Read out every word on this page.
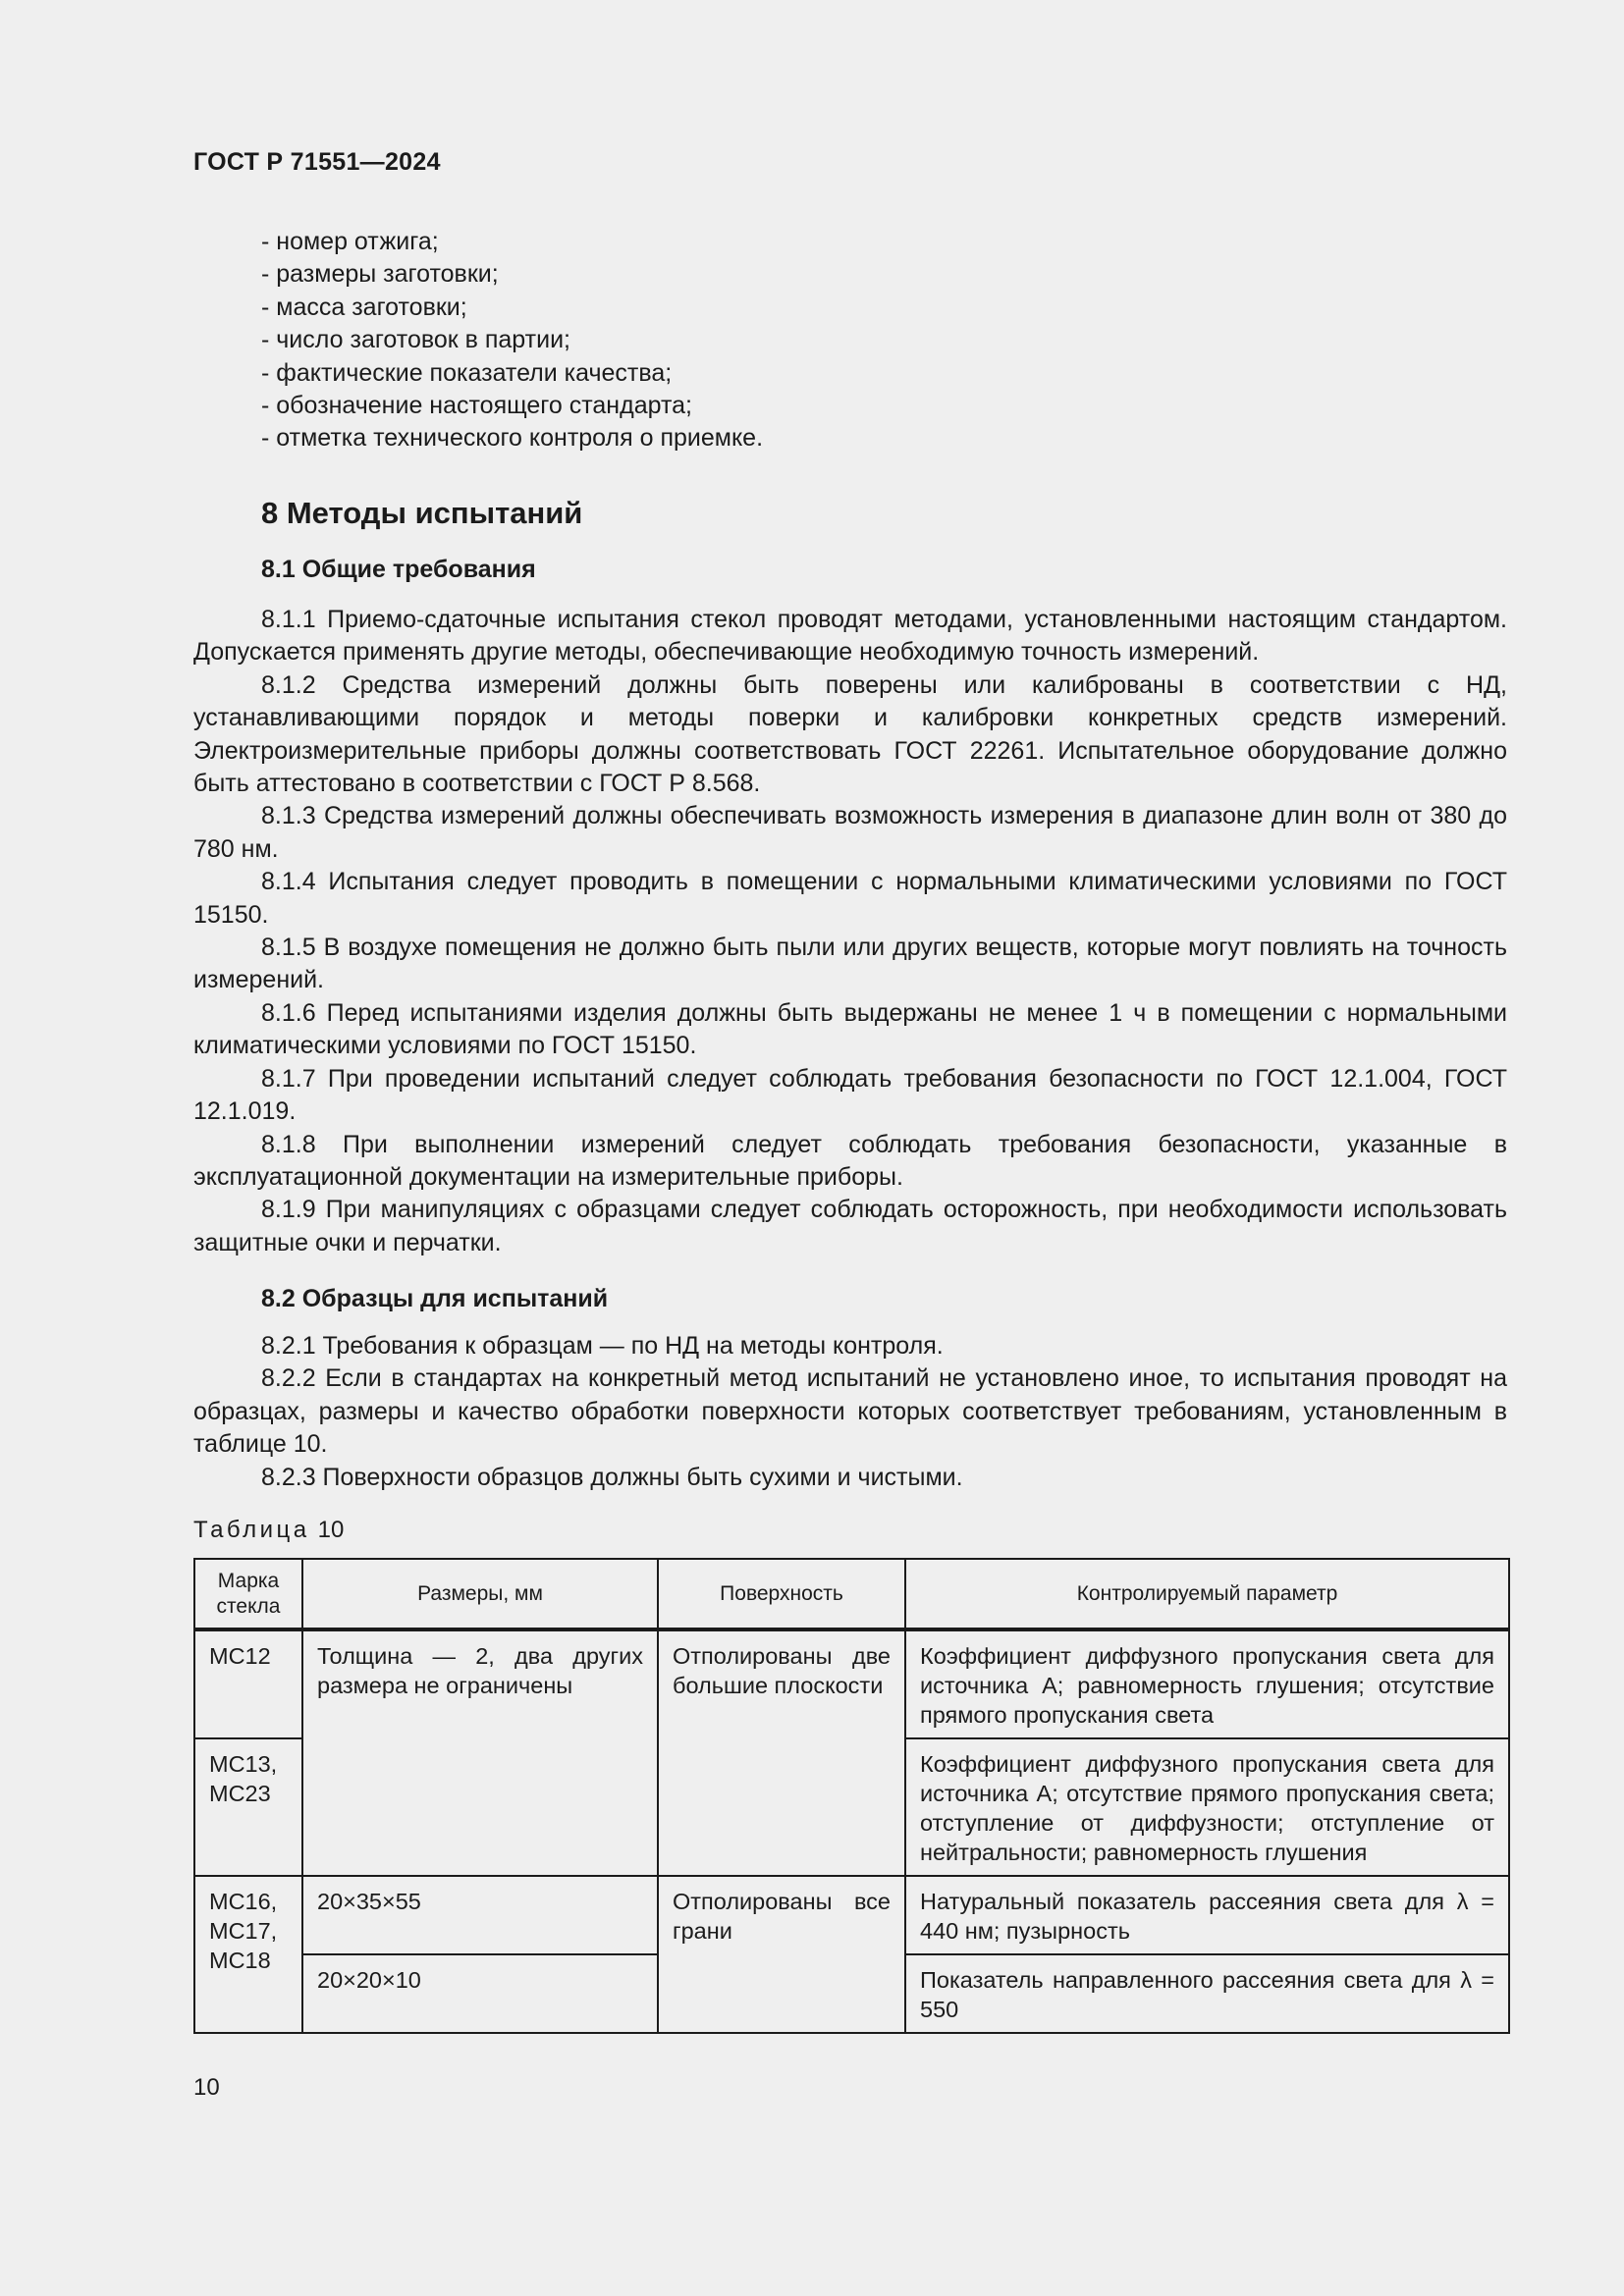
ГОСТ Р 71551—2024
- номер отжига;
- размеры заготовки;
- масса заготовки;
- число заготовок в партии;
- фактические показатели качества;
- обозначение настоящего стандарта;
- отметка технического контроля о приемке.
8 Методы испытаний
8.1 Общие требования

8.1.1 Приемо-сдаточные испытания стекол проводят методами, установленными настоящим стандартом. Допускается применять другие методы, обеспечивающие необходимую точность измерений.

8.1.2 Средства измерений должны быть поверены или калиброваны в соответствии с НД, устанавливающими порядок и методы поверки и калибровки конкретных средств измерений. Электроизмерительные приборы должны соответствовать ГОСТ 22261. Испытательное оборудование должно быть аттестовано в соответствии с ГОСТ Р 8.568.

8.1.3 Средства измерений должны обеспечивать возможность измерения в диапазоне длин волн от 380 до 780 нм.

8.1.4 Испытания следует проводить в помещении с нормальными климатическими условиями по ГОСТ 15150.

8.1.5 В воздухе помещения не должно быть пыли или других веществ, которые могут повлиять на точность измерений.

8.1.6 Перед испытаниями изделия должны быть выдержаны не менее 1 ч в помещении с нормальными климатическими условиями по ГОСТ 15150.

8.1.7 При проведении испытаний следует соблюдать требования безопасности по ГОСТ 12.1.004, ГОСТ 12.1.019.

8.1.8 При выполнении измерений следует соблюдать требования безопасности, указанные в эксплуатационной документации на измерительные приборы.

8.1.9 При манипуляциях с образцами следует соблюдать осторожность, при необходимости использовать защитные очки и перчатки.

8.2 Образцы для испытаний

8.2.1 Требования к образцам — по НД на методы контроля.

8.2.2 Если в стандартах на конкретный метод испытаний не установлено иное, то испытания проводят на образцах, размеры и качество обработки поверхности которых соответствует требованиям, установленным в таблице 10.

8.2.3 Поверхности образцов должны быть сухими и чистыми.

Таблица 10
Марка стекла	Размеры, мм	Поверхность	Контролируемый параметр
МС12	Толщина — 2, два других размера не ограничены	Отполированы две большие плоскости	Коэффициент диффузного пропускания света для источника А; равномерность глушения; отсутствие прямого пропускания света
МС13, МС23			Коэффициент диффузного пропускания света для источника А; отсутствие прямого пропускания света; отступление от диффузности; отступление от нейтральности; равномерность глушения
МС16, МС17, МС18	20×35×55	Отполированы все грани	Натуральный показатель рассеяния света для λ = 440 нм; пузырность
	20×20×10		Показатель направленного рассеяния света для λ = 550
10
